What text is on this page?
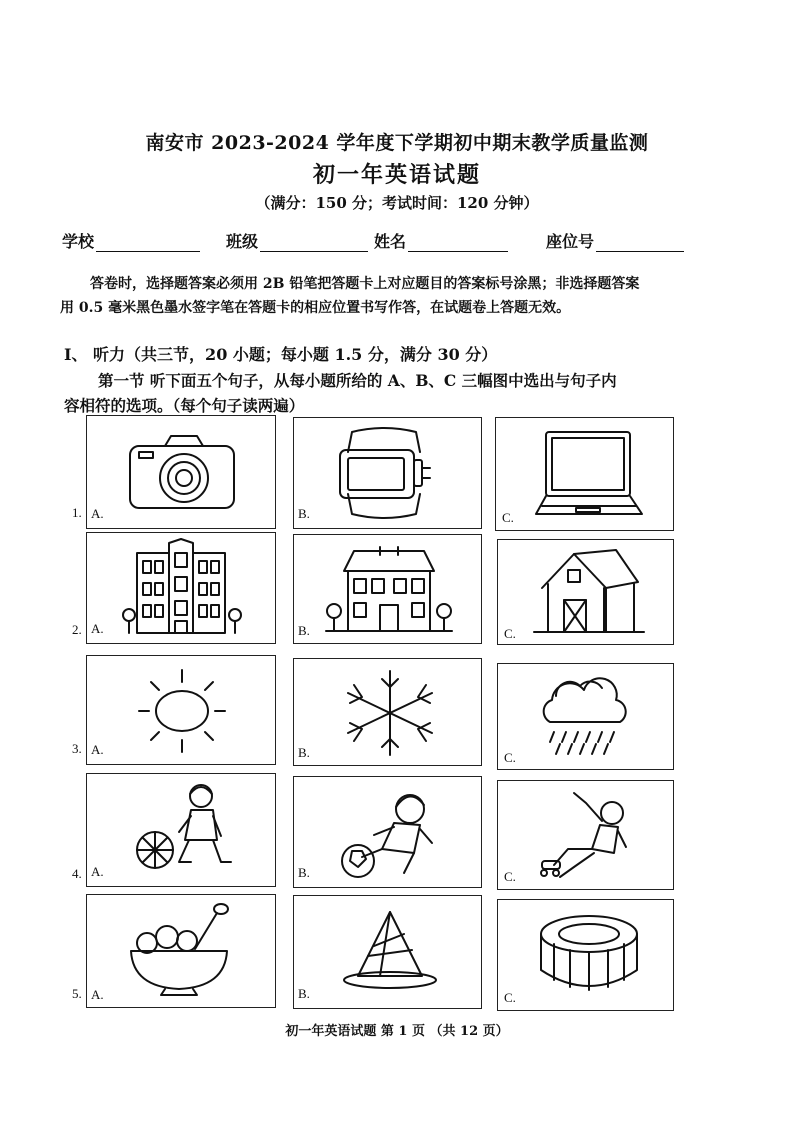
南安市 2023-2024 学年度下学期初中期末教学质量监测
初一年英语试题
（满分：150 分；考试时间：120 分钟）
学校	班级	姓名	座位号
答卷时，选择题答案必须用 2B 铅笔把答题卡上对应题目的答案标号涂黑；非选择题答案
用 0.5 毫米黑色墨水签字笔在答题卡的相应位置书写作答，在试题卷上答题无效。
Ⅰ、 听力（共三节，20 小题；每小题 1.5 分，满分 30 分）
第一节 听下面五个句子，从每小题所给的 A、B、C 三幅图中选出与句子内
容相符的选项。（每个句子读两遍）
1. A.	B.	C.
2. A.	B.	C.
3. A.	B.	C.
4. A.	B.	C.
5. A.	B.	C.
初一年英语试题 第 1 页 （共 12 页）
